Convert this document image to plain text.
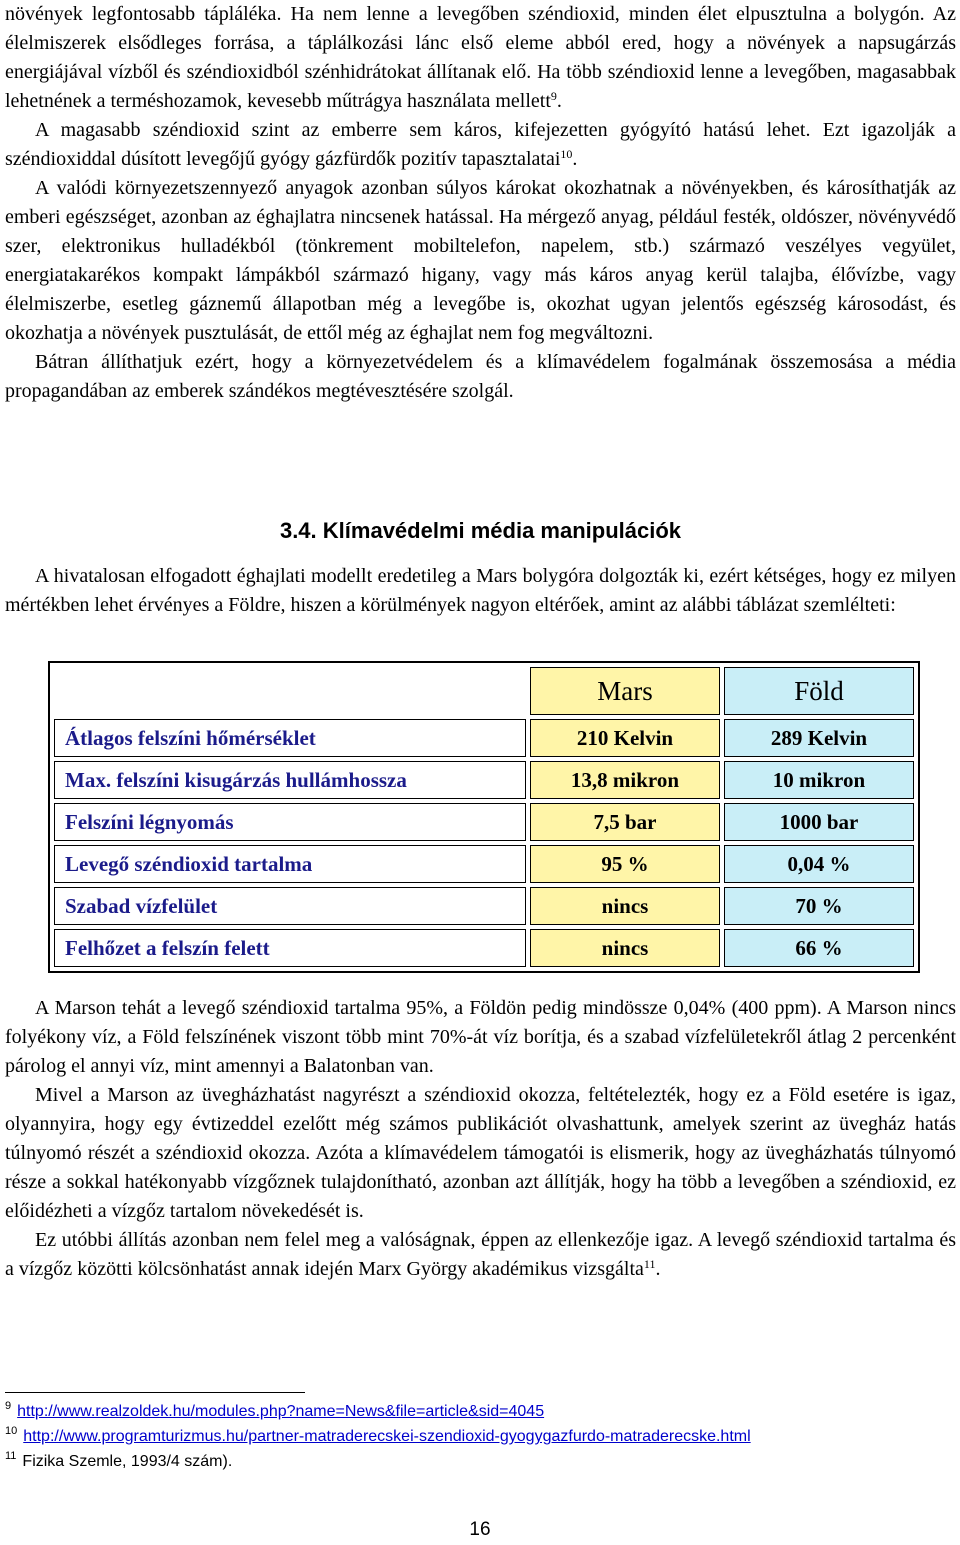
növények legfontosabb tápláléka. Ha nem lenne a levegőben széndioxid, minden élet elpusztulna a bolygón. Az élelmiszerek elsődleges forrása, a táplálkozási lánc első eleme abból ered, hogy a növények a napsugárzás energiájával vízből és széndioxidból szénhidrátokat állítanak elő. Ha több széndioxid lenne a levegőben, magasabbak lehetnének a terméshozamok, kevesebb műtrágya használata mellett$^9$.

A magasabb széndioxid szint az emberre sem káros, kifejezetten gyógyító hatású lehet. Ezt igazolják a széndioxiddal dúsított levegőjű gyógy gázfürdők pozitív tapasztalatai$^{10}$.

A valódi környezetszennyező anyagok azonban súlyos károkat okozhatnak a növényekben, és károsíthatják az emberi egészséget, azonban az éghajlatra nincsenek hatással. Ha mérgező anyag, például festék, oldószer, növényvédő szer, elektronikus hulladékból (tönkrement mobiltelefon, napelem, stb.) származó veszélyes vegyület, energiatakarékos kompakt lámpákból származó higany, vagy más káros anyag kerül talajba, élővízbe, vagy élelmiszerbe, esetleg gáznemű állapotban még a levegőbe is, okozhat ugyan jelentős egészség károsodást, és okozhatja a növények pusztulását, de ettől még az éghajlat nem fog megváltozni.

Bátran állíthatjuk ezért, hogy a környezetvédelem és a klímavédelem fogalmának összemosása a média propagandában az emberek szándékos megtévesztésére szolgál.

3.4. Klímavédelmi média manipulációk

A hivatalosan elfogadott éghajlati modellt eredetileg a Mars bolygóra dolgozták ki, ezért kétséges, hogy ez milyen mértékben lehet érvényes a Földre, hiszen a körülmények nagyon eltérőek, amint az alábbi táblázat szemlélteti:

	Mars	Föld
Átlagos felszíni hőmérséklet	210 Kelvin	289 Kelvin
Max. felszíni kisugárzás hullámhossza	13,8 mikron	10 mikron
Felszíni légnyomás	7,5 bar	1000 bar
Levegő széndioxid tartalma	95 %	0,04 %
Szabad vízfelület	nincs	70 %
Felhőzet a felszín felett	nincs	66 %

A Marson tehát a levegő széndioxid tartalma 95%, a Földön pedig mindössze 0,04% (400 ppm). A Marson nincs folyékony víz, a Föld felszínének viszont több mint 70%-át víz borítja, és a szabad vízfelületekről átlag 2 percenként párolog el annyi víz, mint amennyi a Balatonban van.

Mivel a Marson az üvegházhatást nagyrészt a széndioxid okozza, feltételezték, hogy ez a Föld esetére is igaz, olyannyira, hogy egy évtizeddel ezelőtt még számos publikációt olvashattunk, amelyek szerint az üvegház hatás túlnyomó részét a széndioxid okozza. Azóta a klímavédelem támogatói is elismerik, hogy az üvegházhatás túlnyomó része a sokkal hatékonyabb vízgőznek tulajdonítható, azonban azt állítják, hogy ha több a levegőben a széndioxid, ez előidézheti a vízgőz tartalom növekedését is.

Ez utóbbi állítás azonban nem felel meg a valóságnak, éppen az ellenkezője igaz. A levegő széndioxid tartalma és a vízgőz közötti kölcsönhatást annak idején Marx György akadémikus vizsgálta$^{11}$.

$^9$ http://www.realzoldek.hu/modules.php?name=News&file=article&sid=4045
$^{10}$ http://www.programturizmus.hu/partner-matraderecskei-szendioxid-gyogygazfurdo-matraderecske.html
$^{11}$ Fizika Szemle, 1993/4 szám).
16
